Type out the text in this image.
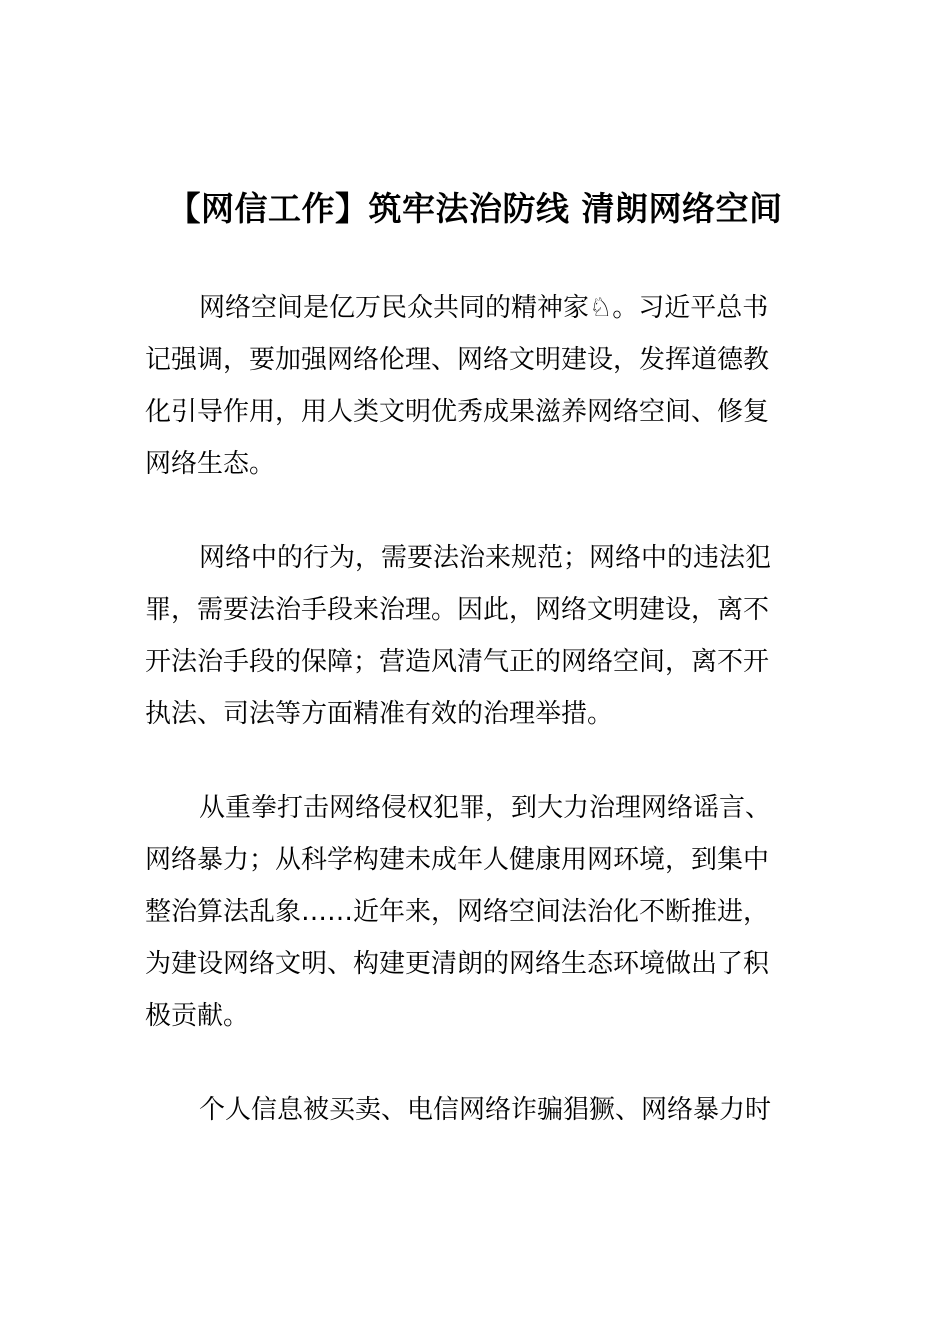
【网信工作】筑牢法治防线 清朗网络空间
网络空间是亿万民众共同的精神家♘。习近平总书
记强调，要加强网络伦理、网络文明建设，发挥道德教
化引导作用，用人类文明优秀成果滋养网络空间、修复
网络生态。
网络中的行为，需要法治来规范；网络中的违法犯
罪，需要法治手段来治理。因此，网络文明建设，离不
开法治手段的保障；营造风清气正的网络空间，离不开
执法、司法等方面精准有效的治理举措。
从重拳打击网络侵权犯罪，到大力治理网络谣言、
网络暴力；从科学构建未成年人健康用网环境，到集中
整治算法乱象……近年来，网络空间法治化不断推进，
为建设网络文明、构建更清朗的网络生态环境做出了积
极贡献。
个人信息被买卖、电信网络诈骗猖獗、网络暴力时
